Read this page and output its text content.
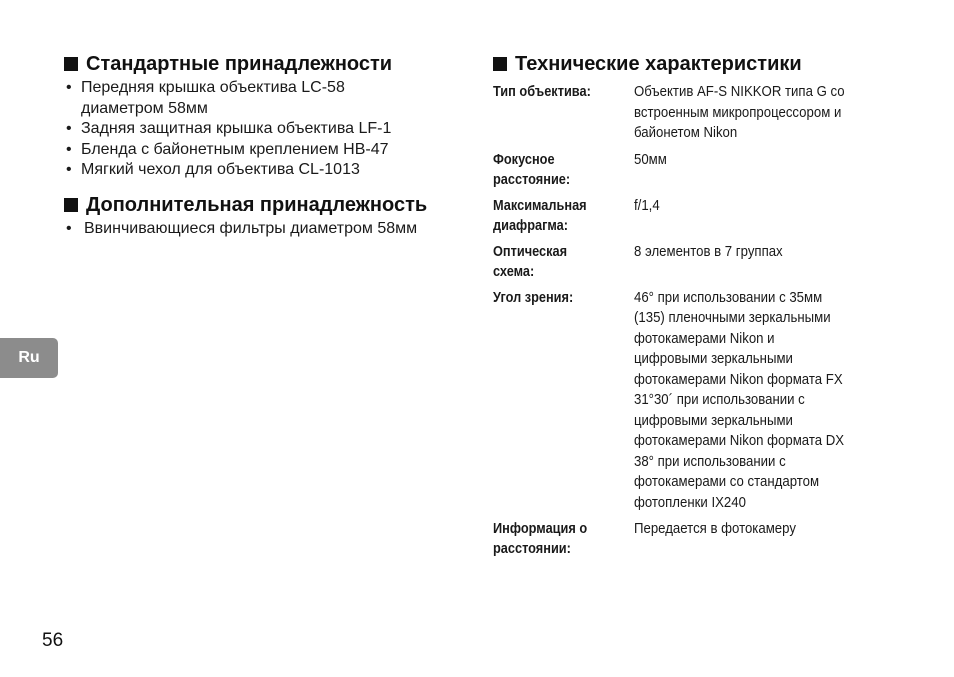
Стандартные принадлежности
• Передняя крышка объектива LC-58
диаметром 58мм
• Задняя защитная крышка объектива LF-1
• Бленда с байонетным креплением HB-47
• Мягкий чехол для объектива CL-1013
Дополнительная принадлежность
• Ввинчивающиеся фильтры диаметром 58мм
Технические характеристики
Тип объектива:	Объектив AF-S NIKKOR типа G со
встроенным микропроцессором и
байонетом Nikon
Фокусное
расстояние:
50мм
Максимальная
диафрагма:
f/1,4
Оптическая
схема:
8 элементов в 7 группах
Угол зрения:	46° при использовании с 35мм
(135) пленочными зеркальными
фотокамерами Nikon и
цифровыми зеркальными
фотокамерами Nikon формата FX
31°30´ при использовании с
цифровыми зеркальными
фотокамерами Nikon формата DX
38° при использовании с
фотокамерами со стандартом
фотопленки IX240
Информация о
расстоянии:
Передается в фотокамеру
Ru
56
